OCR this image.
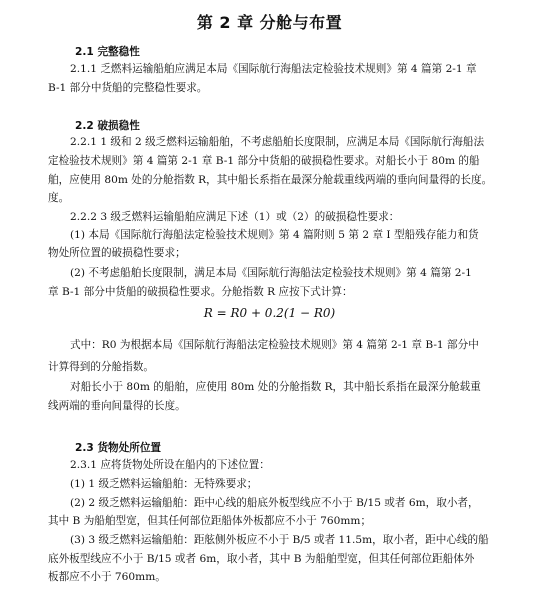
第 2 章 分舱与布置
2.1 完整稳性
2.1.1 乏燃料运输船舶应满足本局《国际航行海船法定检验技术规则》第 4 篇第 2-1 章
B-1 部分中货船的完整稳性要求。
2.2 破损稳性
2.2.1 1 级和 2 级乏燃料运输船舶，不考虑船舶长度限制，应满足本局《国际航行海船法
定检验技术规则》第 4 篇第 2-1 章 B-1 部分中货船的破损稳性要求。对船长小于 80m 的船
舶，应使用 80m 处的分舱指数 R，其中船长系指在最深分舱载重线两端的垂向间量得的长度。
度。
2.2.2 3 级乏燃料运输船舶应满足下述（1）或（2）的破损稳性要求：
(1) 本局《国际航行海船法定检验技术规则》第 4 篇附则 5 第 2 章 I 型船残存能力和货
物处所位置的破损稳性要求；
(2) 不考虑船舶长度限制，满足本局《国际航行海船法定检验技术规则》第 4 篇第 2-1
章 B-1 部分中货船的破损稳性要求。分舱指数 R 应按下式计算：
R = R0 + 0.2(1 − R0)
式中：R0 为根据本局《国际航行海船法定检验技术规则》第 4 篇第 2-1 章 B-1 部分中
计算得到的分舱指数。
对船长小于 80m 的船舶，应使用 80m 处的分舱指数 R，其中船长系指在最深分舱载重
线两端的垂向间量得的长度。
2.3 货物处所位置
2.3.1 应将货物处所设在船内的下述位置：
(1) 1 级乏燃料运输船舶：无特殊要求；
(2) 2 级乏燃料运输船舶：距中心线的船底外板型线应不小于 B/15 或者 6m，取小者，
其中 B 为船舶型宽，但其任何部位距船体外板都应不小于 760mm；
(3) 3 级乏燃料运输船舶：距舷侧外板应不小于 B/5 或者 11.5m，取小者，距中心线的船
底外板型线应不小于 B/15 或者 6m，取小者，其中 B 为船舶型宽，但其任何部位距船体外
板都应不小于 760mm。
